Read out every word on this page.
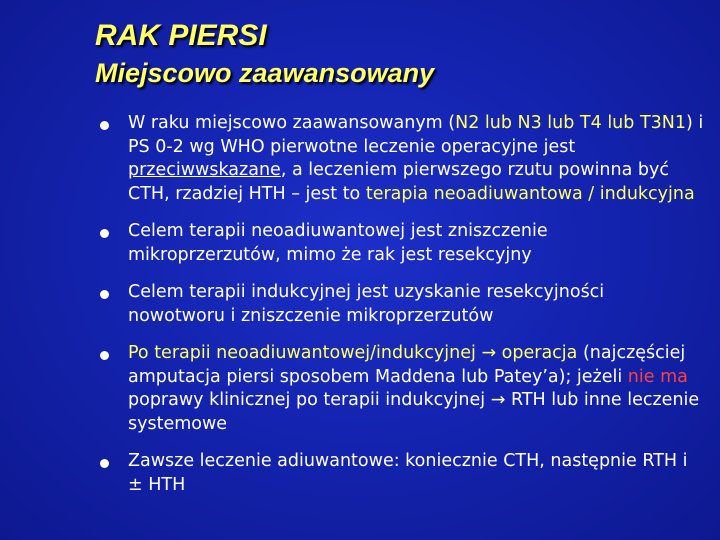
RAK PIERSI
Miejscowo zaawansowany
W raku miejscowo zaawansowanym (N2 lub N3 lub T4 lub T3N1) i PS 0-2 wg WHO pierwotne leczenie operacyjne jest przeciwwskazane, a leczeniem pierwszego rzutu powinna być CTH, rzadziej HTH – jest to terapia neoadiuwantowa / indukcyjna
Celem terapii neoadiuwantowej jest zniszczenie mikroprzerzutów, mimo że rak jest resekcyjny
Celem terapii indukcyjnej jest uzyskanie resekcyjności nowotworu i zniszczenie mikroprzerzutów
Po terapii neoadiuwantowej/indukcyjnej → operacja (najczęściej amputacja piersi sposobem Maddena lub Patey’a); jeżeli nie ma poprawy klinicznej po terapii indukcyjnej → RTH lub inne leczenie systemowe
Zawsze leczenie adiuwantowe: koniecznie CTH, następnie RTH i ± HTH
